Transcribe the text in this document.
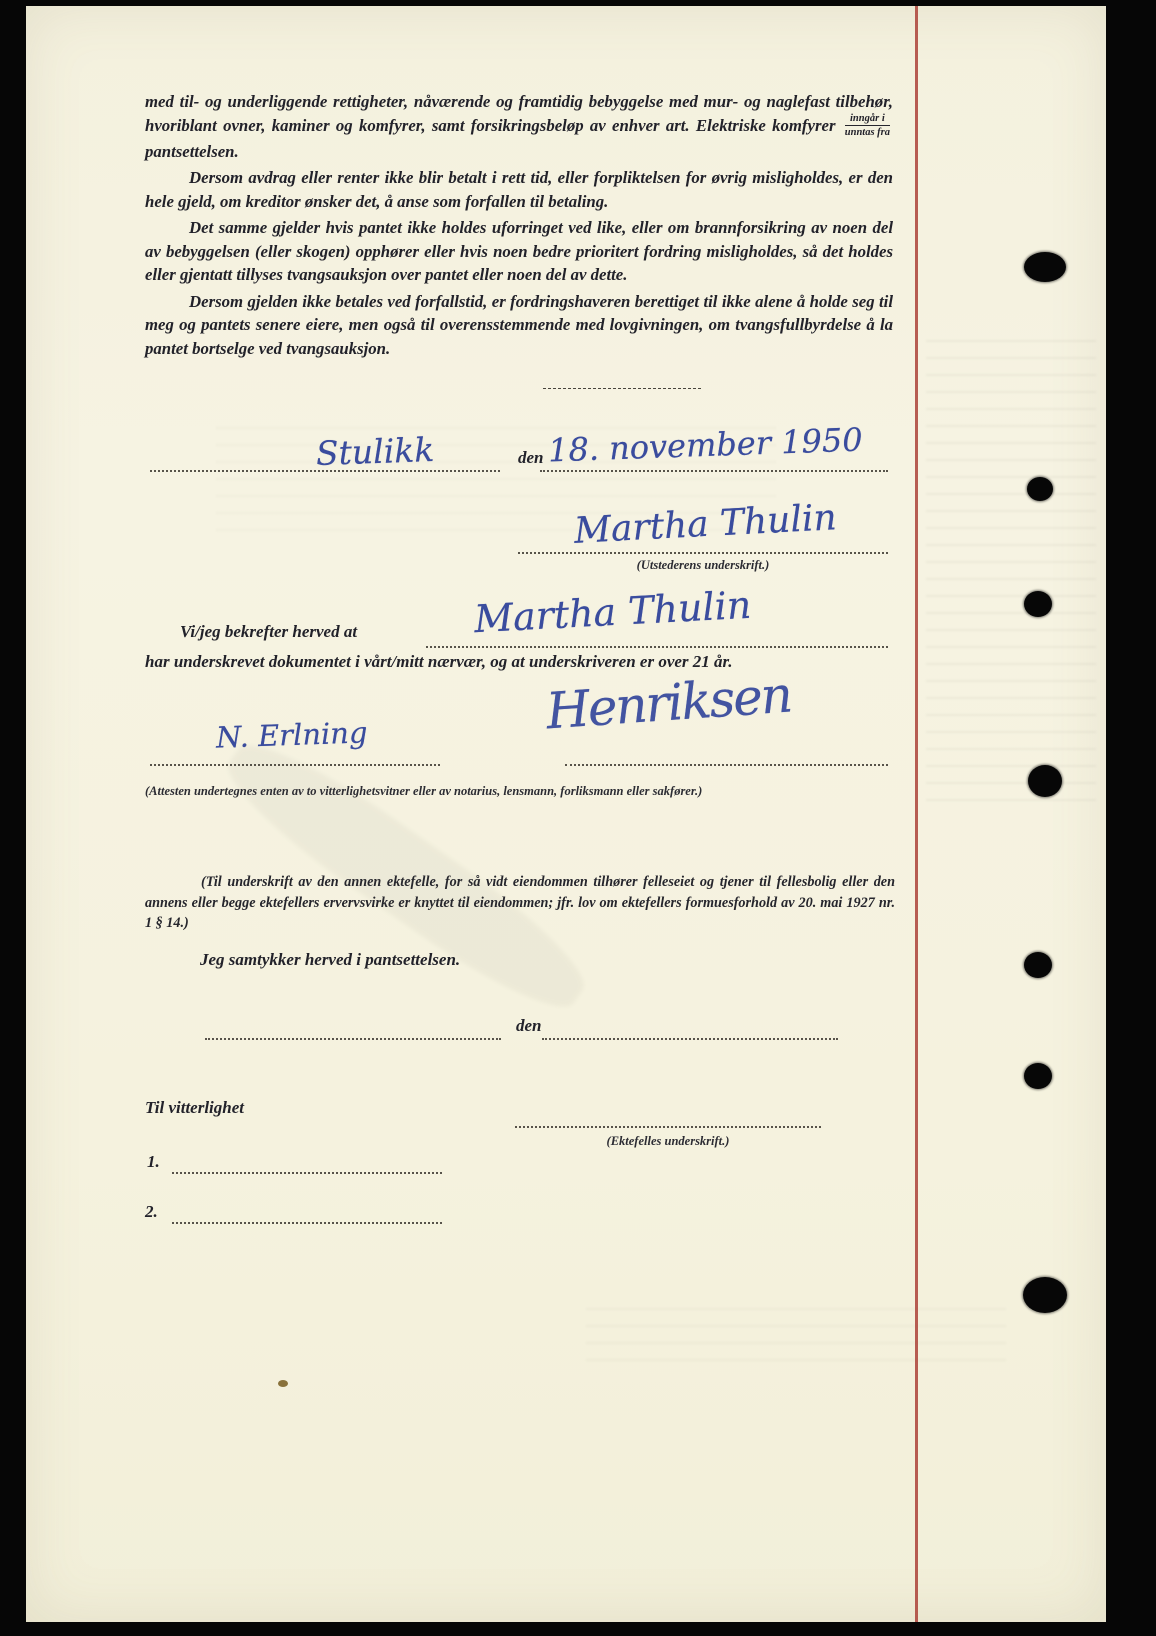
med til- og underliggende rettigheter, nåværende og framtidig bebyggelse med mur- og naglefast tilbehør, hvoriblant ovner, kaminer og komfyrer, samt forsikringsbeløp av enhver art. Elektriske komfyrer $\frac{\text{inngår i}}{\text{unntas fra}}$
pantsettelsen.

Dersom avdrag eller renter ikke blir betalt i rett tid, eller forpliktelsen for øvrig misligholdes, er den hele gjeld, om kreditor ønsker det, å anse som forfallen til betaling.

Det samme gjelder hvis pantet ikke holdes uforringet ved like, eller om brannforsikring av noen del av bebyggelsen (eller skogen) opphører eller hvis noen bedre prioritert fordring misligholdes, så det holdes eller gjentatt tillyses tvangsauksjon over pantet eller noen del av dette.

Dersom gjelden ikke betales ved forfallstid, er fordringshaveren berettiget til ikke alene å holde seg til meg og pantets senere eiere, men også til overensstemmende med lovgivningen, om tvangsfullbyrdelse å la pantet bortselge ved tvangsauksjon.

Stulikk	den 18. november 1950
Martha Thulin
(Utstederens underskrift.)
Martha Thulin
Vi/jeg bekrefter herved at
har underskrevet dokumentet i vårt/mitt nærvær, og at underskriveren er over 21 år.
N. Erlning	Henriksen
(Attesten undertegnes enten av to vitterlighetsvitner eller av notarius, lensmann, forliksmann eller sakfører.)
(Til underskrift av den annen ektefelle, for så vidt eiendommen tilhører felleseiet og tjener til fellesbolig eller den annens eller begge ektefellers ervervsvirke er knyttet til eiendommen; jfr. lov om ektefellers formuesforhold av 20. mai 1927 nr. 1 § 14.)
Jeg samtykker herved i pantsettelsen.
den
Til vitterlighet
(Ektefelles underskrift.)
1.
2.
